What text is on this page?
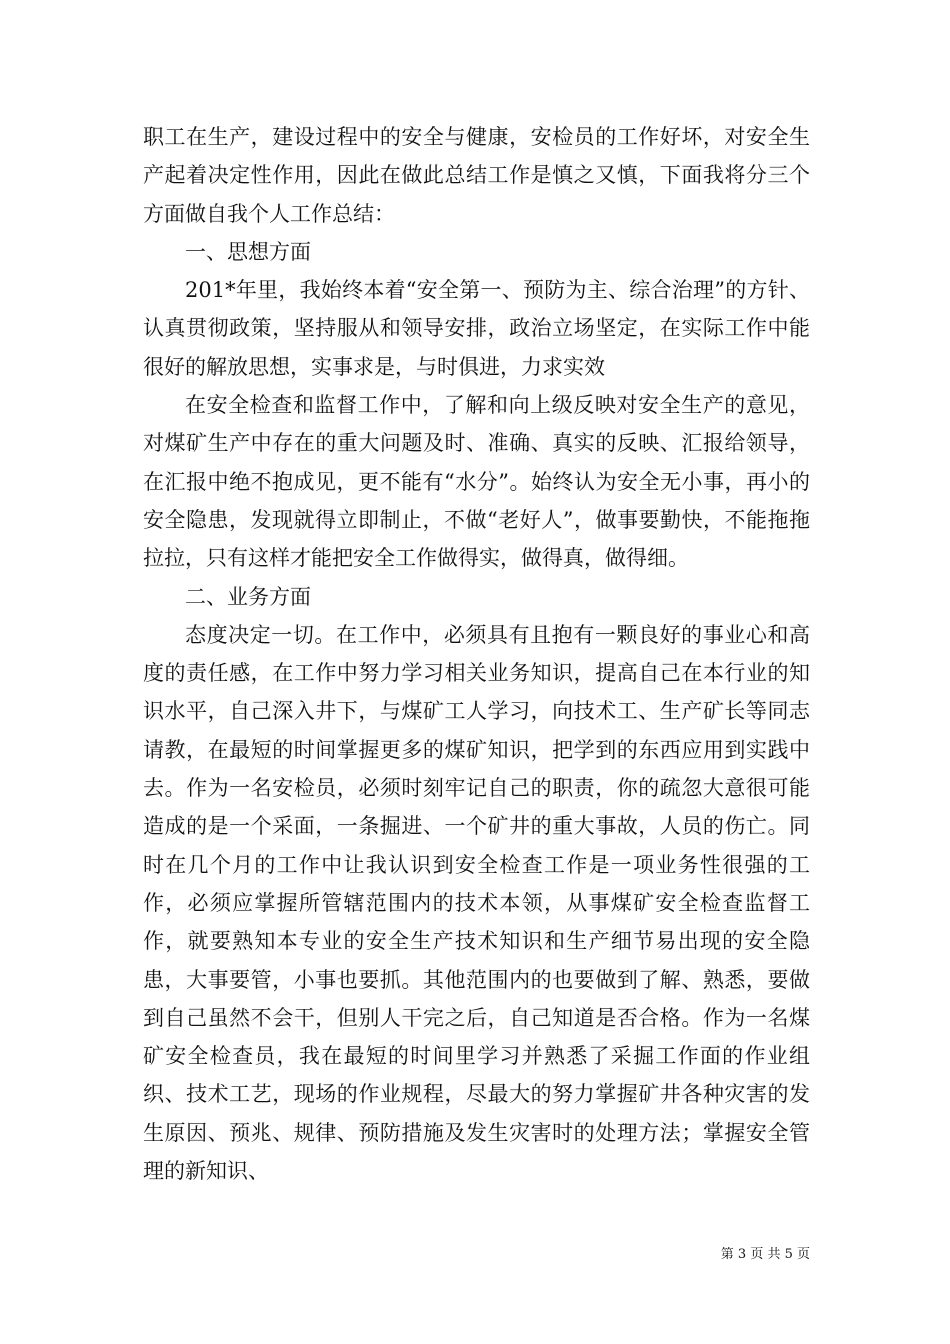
职工在生产，建设过程中的安全与健康，安检员的工作好坏，对安全生产起着决定性作用，因此在做此总结工作是慎之又慎，下面我将分三个方面做自我个人工作总结：

一、思想方面

201*年里，我始终本着“安全第一、预防为主、综合治理”的方针、认真贯彻政策，坚持服从和领导安排，政治立场坚定，在实际工作中能很好的解放思想，实事求是，与时俱进，力求实效

在安全检查和监督工作中，了解和向上级反映对安全生产的意见，对煤矿生产中存在的重大问题及时、准确、真实的反映、汇报给领导，在汇报中绝不抱成见，更不能有“水分”。始终认为安全无小事，再小的安全隐患，发现就得立即制止，不做“老好人”，做事要勤快，不能拖拖拉拉，只有这样才能把安全工作做得实，做得真，做得细。

二、业务方面

态度决定一切。在工作中，必须具有且抱有一颗良好的事业心和高度的责任感，在工作中努力学习相关业务知识，提高自己在本行业的知识水平，自己深入井下，与煤矿工人学习，向技术工、生产矿长等同志请教，在最短的时间掌握更多的煤矿知识，把学到的东西应用到实践中去。作为一名安检员，必须时刻牢记自己的职责，你的疏忽大意很可能造成的是一个采面，一条掘进、一个矿井的重大事故，人员的伤亡。同时在几个月的工作中让我认识到安全检查工作是一项业务性很强的工作，必须应掌握所管辖范围内的技术本领，从事煤矿安全检查监督工作，就要熟知本专业的安全生产技术知识和生产细节易出现的安全隐患，大事要管，小事也要抓。其他范围内的也要做到了解、熟悉，要做到自己虽然不会干，但别人干完之后，自己知道是否合格。作为一名煤矿安全检查员，我在最短的时间里学习并熟悉了采掘工作面的作业组织、技术工艺，现场的作业规程，尽最大的努力掌握矿井各种灾害的发生原因、预兆、规律、预防措施及发生灾害时的处理方法；掌握安全管理的新知识、

第 3 页 共 5 页
